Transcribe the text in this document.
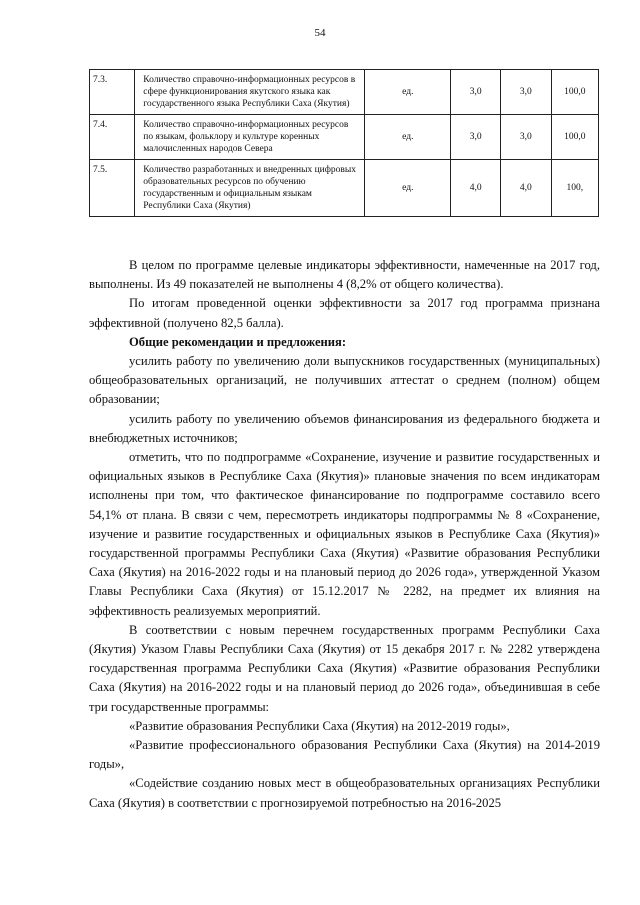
54
7.3.	Количество справочно-информационных ресурсов в сфере функционирования якутского языка как государственного языка Республики Саха (Якутия)	ед.	3,0	3,0	100,0
7.4.	Количество справочно-информационных ресурсов по языкам, фольклору и культуре коренных малочисленных народов Севера	ед.	3,0	3,0	100,0
7.5.	Количество разработанных и внедренных цифровых образовательных ресурсов по обучению государственным и официальным языкам Республики Саха (Якутия)	ед.	4,0	4,0	100,

В целом по программе целевые индикаторы эффективности, намеченные на 2017 год, выполнены. Из 49 показателей не выполнены 4 (8,2% от общего количества).

По итогам проведенной оценки эффективности за 2017 год программа признана эффективной (получено 82,5 балла).

Общие рекомендации и предложения:

усилить работу по увеличению доли выпускников государственных (муниципальных) общеобразовательных организаций, не получивших аттестат о среднем (полном) общем образовании;

усилить работу по увеличению объемов финансирования из федерального бюджета и внебюджетных источников;

отметить, что по подпрограмме «Сохранение, изучение и развитие государственных и официальных языков в Республике Саха (Якутия)» плановые значения по всем индикаторам исполнены при том, что фактическое финансирование по подпрограмме составило всего 54,1% от плана. В связи с чем, пересмотреть индикаторы подпрограммы № 8 «Сохранение, изучение и развитие государственных и официальных языков в Республике Саха (Якутия)» государственной программы Республики Саха (Якутия) «Развитие образования Республики Саха (Якутия) на 2016-2022 годы и на плановый период до 2026 года», утвержденной Указом Главы Республики Саха (Якутия) от 15.12.2017 № 2282, на предмет их влияния на эффективность реализуемых мероприятий.

В соответствии с новым перечнем государственных программ Республики Саха (Якутия) Указом Главы Республики Саха (Якутия) от 15 декабря 2017 г. № 2282 утверждена государственная программа Республики Саха (Якутия) «Развитие образования Республики Саха (Якутия) на 2016-2022 годы и на плановый период до 2026 года», объединившая в себе три государственные программы:

«Развитие образования Республики Саха (Якутия) на 2012-2019 годы»,

«Развитие профессионального образования Республики Саха (Якутия) на 2014-2019 годы»,

«Содействие созданию новых мест в общеобразовательных организациях Республики Саха (Якутия) в соответствии с прогнозируемой потребностью на 2016-2025
